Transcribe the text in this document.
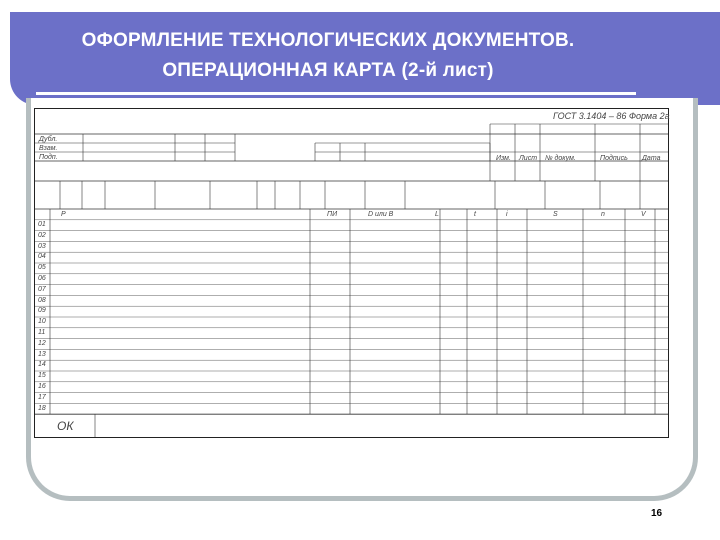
ОФОРМЛЕНИЕ ТЕХНОЛОГИЧЕСКИХ ДОКУМЕНТОВ.
ОПЕРАЦИОННАЯ КАРТА (2-й лист)
ГОСТ 3.1404 – 86 Форма 2а
Дубл.
Взам.
Подп.	Изм. Лист № докум.	Подпись Дата
Р	ПИ	D или B	L	t	i	S	n	V
01
02
03
04
05
06
07
08
09
10
11
12
13
14
15
16
17
18
ОК
16
